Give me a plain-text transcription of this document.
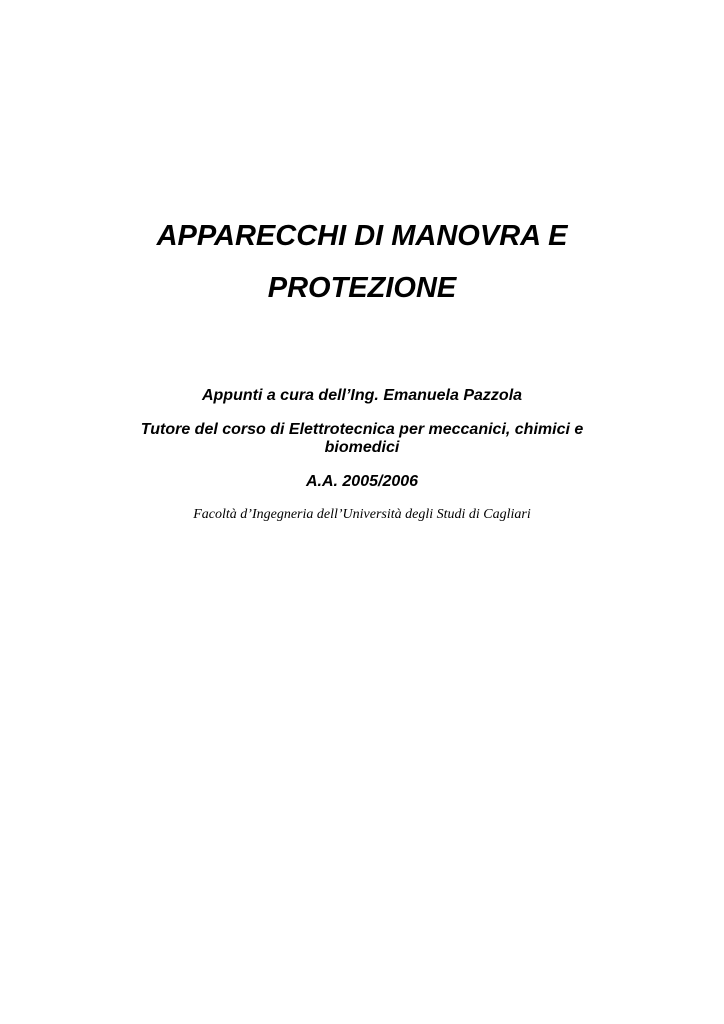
APPARECCHI DI MANOVRA E
PROTEZIONE

Appunti a cura dell’Ing. Emanuela Pazzola

Tutore del corso di Elettrotecnica per meccanici, chimici e

biomedici

A.A. 2005/2006

Facoltà d’Ingegneria dell’Università degli Studi di Cagliari
